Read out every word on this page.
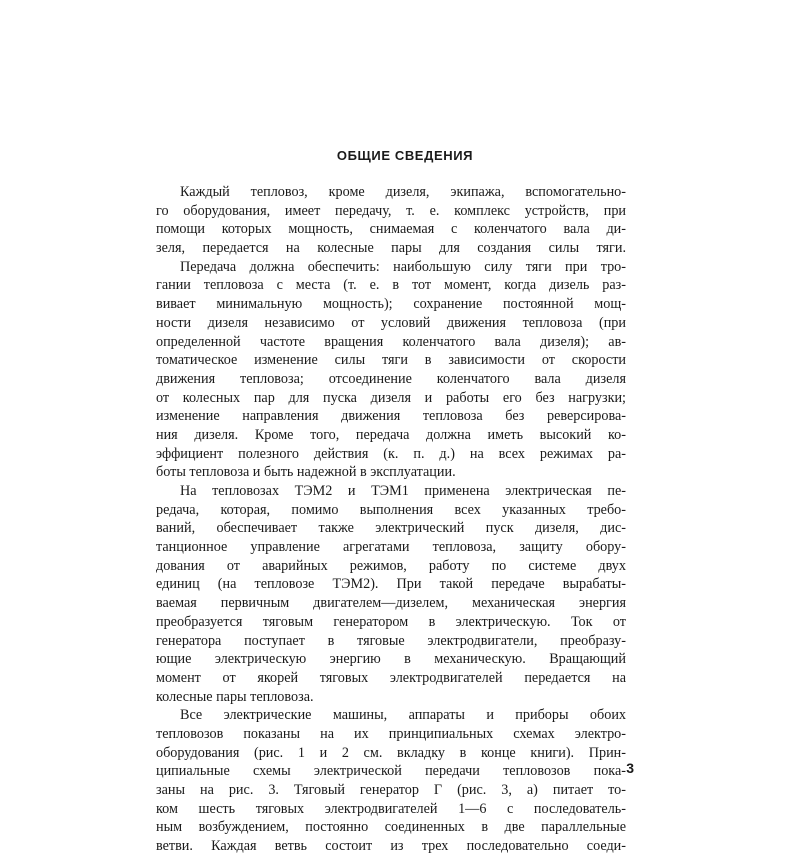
ОБЩИЕ СВЕДЕНИЯ
Каждый тепловоз, кроме дизеля, экипажа, вспомогательно-
го оборудования, имеет передачу, т. е. комплекс устройств, при
помощи которых мощность, снимаемая с коленчатого вала ди-
зеля, передается на колесные пары для создания силы тяги.
Передача должна обеспечить: наибольшую силу тяги при тро-
гании тепловоза с места (т. е. в тот момент, когда дизель раз-
вивает минимальную мощность); сохранение постоянной мощ-
ности дизеля независимо от условий движения тепловоза (при
определенной частоте вращения коленчатого вала дизеля); ав-
томатическое изменение силы тяги в зависимости от скорости
движения тепловоза; отсоединение коленчатого вала дизеля
от колесных пар для пуска дизеля и работы его без нагрузки;
изменение направления движения тепловоза без реверсирова-
ния дизеля. Кроме того, передача должна иметь высокий ко-
эффициент полезного действия (к. п. д.) на всех режимах ра-
боты тепловоза и быть надежной в эксплуатации.
На тепловозах ТЭМ2 и ТЭМ1 применена электрическая пе-
редача, которая, помимо выполнения всех указанных требо-
ваний, обеспечивает также электрический пуск дизеля, дис-
танционное управление агрегатами тепловоза, защиту обору-
дования от аварийных режимов, работу по системе двух
единиц (на тепловозе ТЭМ2). При такой передаче вырабаты-
ваемая первичным двигателем—дизелем, механическая энергия
преобразуется тяговым генератором в электрическую. Ток от
генератора поступает в тяговые электродвигатели, преобразу-
ющие электрическую энергию в механическую. Вращающий
момент от якорей тяговых электродвигателей передается на
колесные пары тепловоза.
Все электрические машины, аппараты и приборы обоих
тепловозов показаны на их принципиальных схемах электро-
оборудования (рис. 1 и 2 см. вкладку в конце книги). Прин-
ципиальные схемы электрической передачи тепловозов пока-
заны на рис. 3. Тяговый генератор Г (рис. 3, а) питает то-
ком шесть тяговых электродвигателей 1—6 с последователь-
ным возбуждением, постоянно соединенных в две параллельные
ветви. Каждая ветвь состоит из трех последовательно соеди-
3
